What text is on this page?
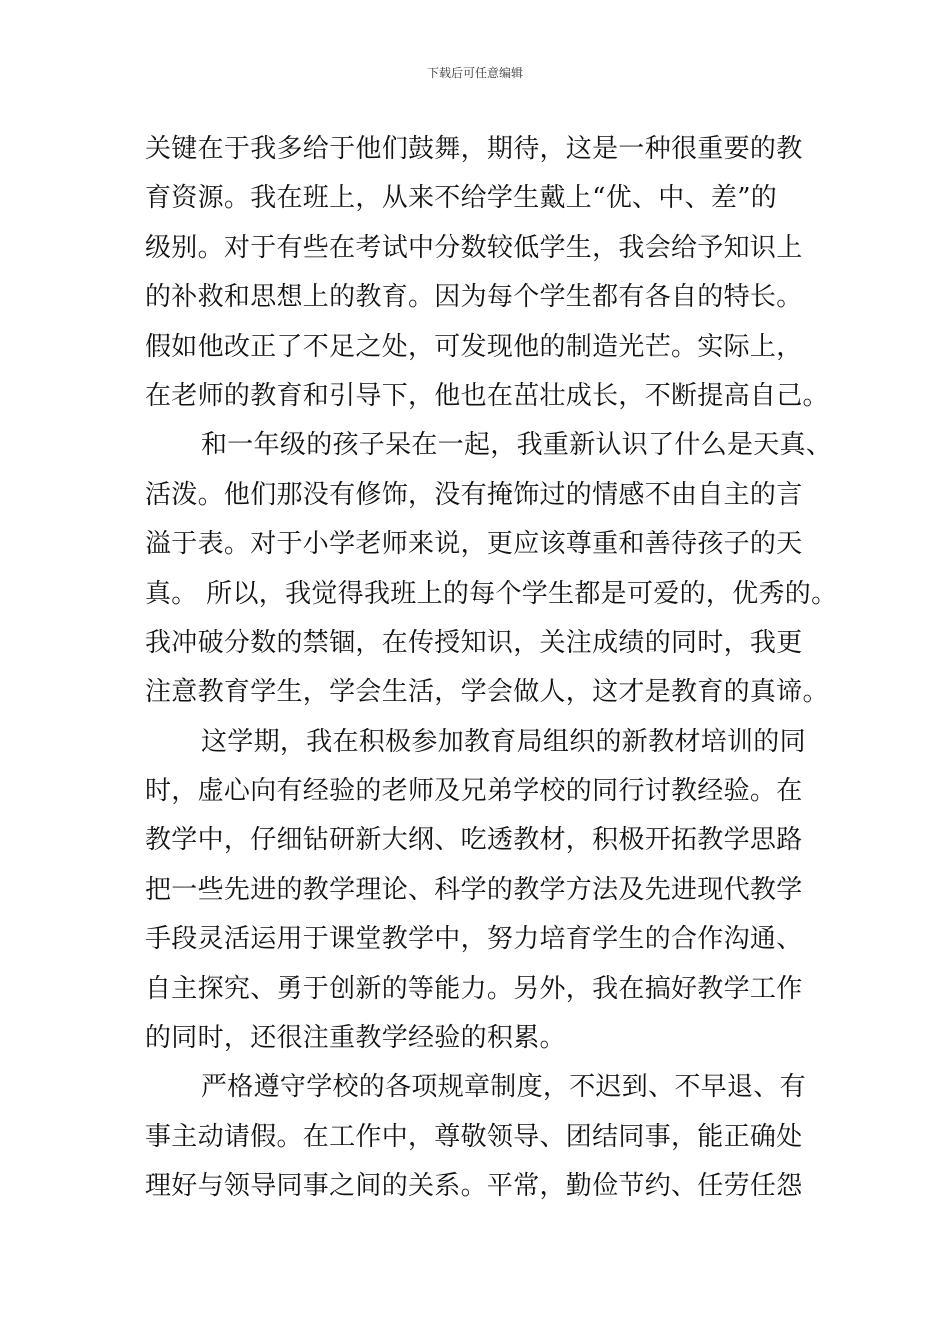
下载后可任意编辑
关键在于我多给于他们鼓舞，期待，这是一种很重要的教
育资源。我在班上，从来不给学生戴上“优、中、差”的
级别。对于有些在考试中分数较低学生，我会给予知识上
的补救和思想上的教育。因为每个学生都有各自的特长。
假如他改正了不足之处，可发现他的制造光芒。实际上，
在老师的教育和引导下，他也在茁壮成长，不断提高自己。
和一年级的孩子呆在一起，我重新认识了什么是天真、
活泼。他们那没有修饰，没有掩饰过的情感不由自主的言
溢于表。对于小学老师来说，更应该尊重和善待孩子的天
真。 所以，我觉得我班上的每个学生都是可爱的，优秀的。
我冲破分数的禁锢，在传授知识，关注成绩的同时，我更
注意教育学生，学会生活，学会做人，这才是教育的真谛。
这学期，我在积极参加教育局组织的新教材培训的同
时，虚心向有经验的老师及兄弟学校的同行讨教经验。在
教学中，仔细钻研新大纲、吃透教材，积极开拓教学思路
把一些先进的教学理论、科学的教学方法及先进现代教学
手段灵活运用于课堂教学中，努力培育学生的合作沟通、
自主探究、勇于创新的等能力。另外，我在搞好教学工作
的同时，还很注重教学经验的积累。
严格遵守学校的各项规章制度，不迟到、不早退、有
事主动请假。在工作中，尊敬领导、团结同事，能正确处
理好与领导同事之间的关系。平常，勤俭节约、任劳任怨
